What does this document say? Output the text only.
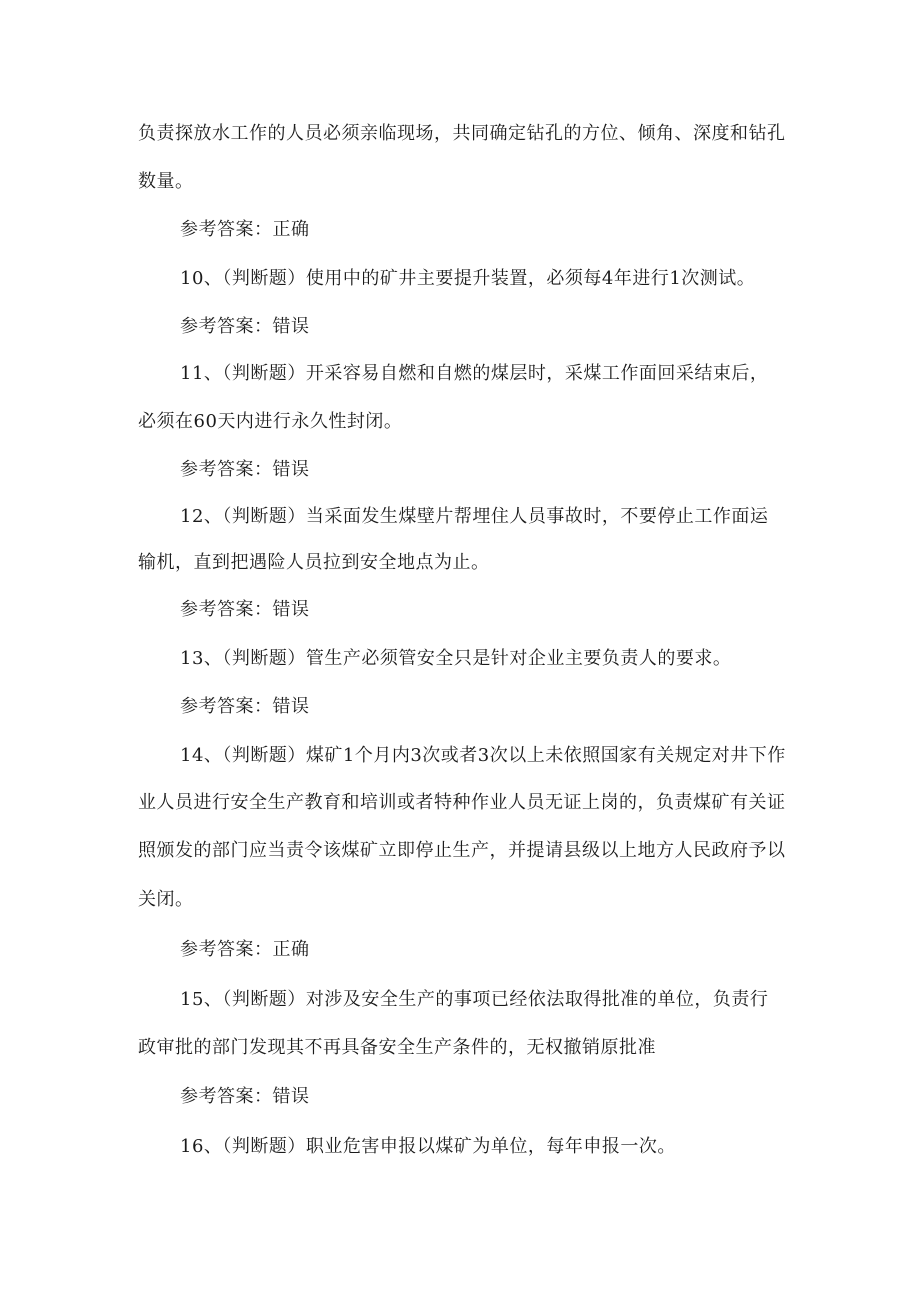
负责探放水工作的人员必须亲临现场，共同确定钻孔的方位、倾角、深度和钻孔
数量。
参考答案：正确
10、（判断题）使用中的矿井主要提升装置，必须每4年进行1次测试。
参考答案：错误
11、（判断题）开采容易自燃和自燃的煤层时，采煤工作面回采结束后，
必须在60天内进行永久性封闭。
参考答案：错误
12、（判断题）当采面发生煤壁片帮埋住人员事故时，不要停止工作面运
输机，直到把遇险人员拉到安全地点为止。
参考答案：错误
13、（判断题）管生产必须管安全只是针对企业主要负责人的要求。
参考答案：错误
14、（判断题）煤矿1个月内3次或者3次以上未依照国家有关规定对井下作
业人员进行安全生产教育和培训或者特种作业人员无证上岗的，负责煤矿有关证
照颁发的部门应当责令该煤矿立即停止生产，并提请县级以上地方人民政府予以
关闭。
参考答案：正确
15、（判断题）对涉及安全生产的事项已经依法取得批准的单位，负责行
政审批的部门发现其不再具备安全生产条件的，无权撤销原批准
参考答案：错误
16、（判断题）职业危害申报以煤矿为单位，每年申报一次。
